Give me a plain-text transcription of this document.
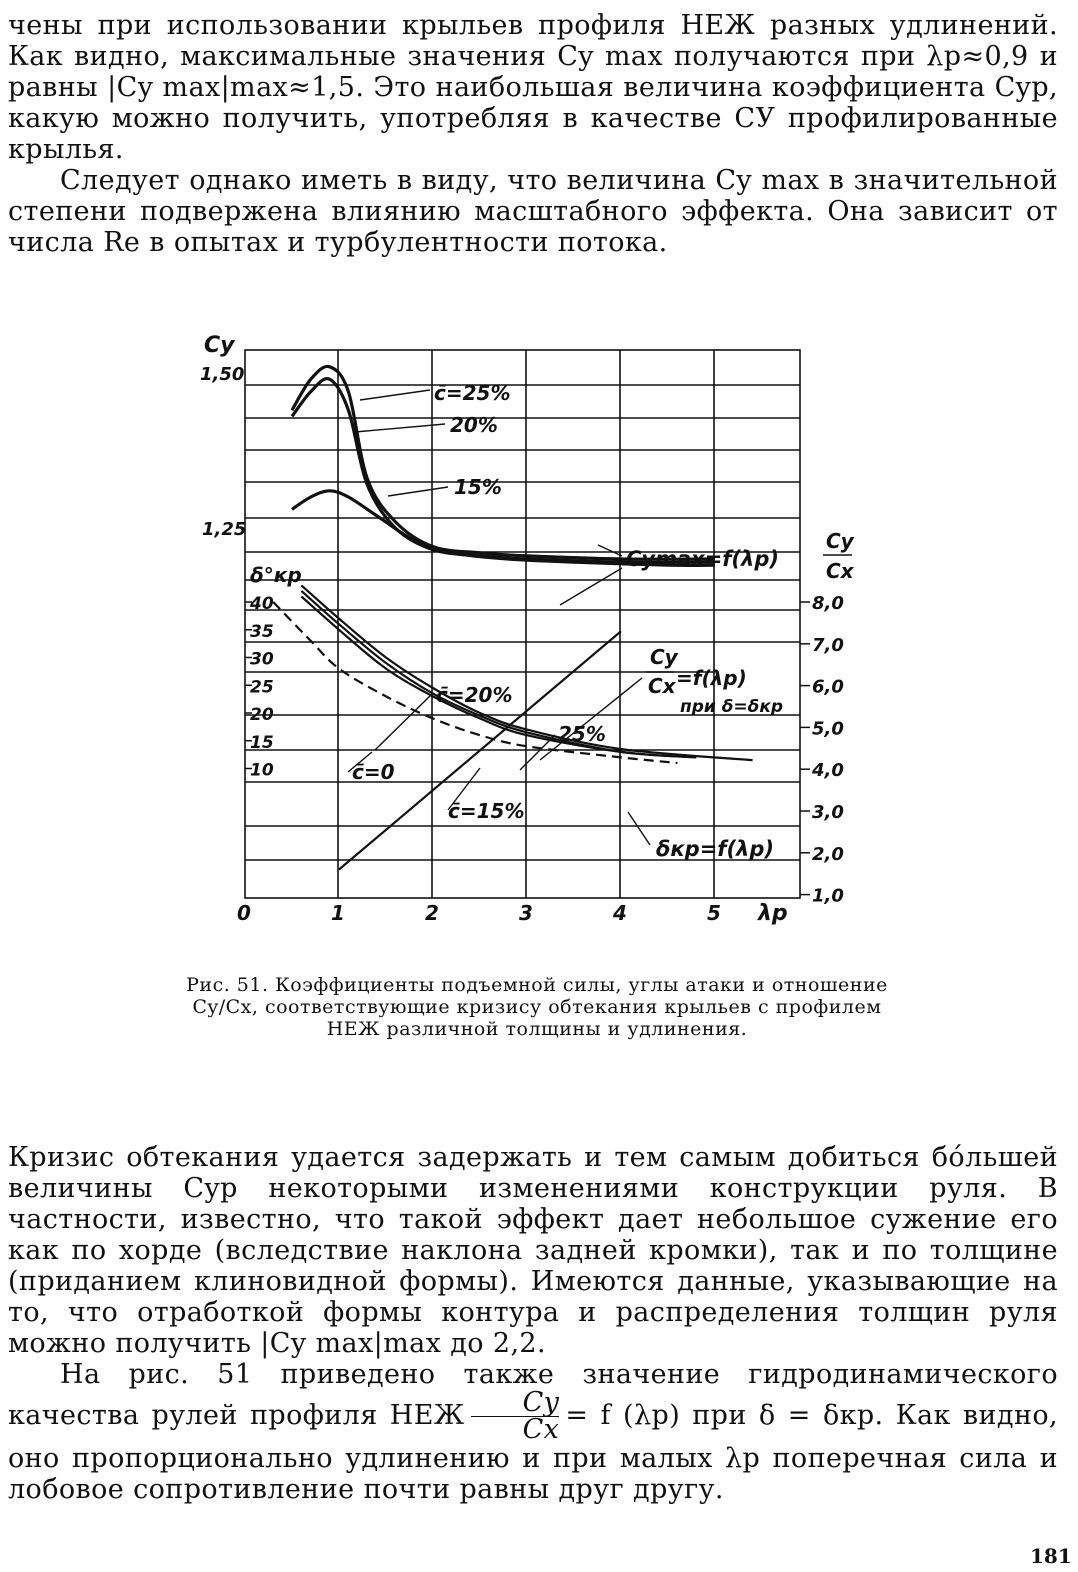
чены при использовании крыльев профиля НЕЖ разных удлинений. Как видно, максимальные значения Cy max получаются при λр≈0,9 и равны |Cy max|max≈1,5. Это наибольшая величина коэффициента Cyр, какую можно получить, употребляя в качестве СУ профилированные крылья.

Следует однако иметь в виду, что величина Cy max в значительной степени подвержена влиянию масштабного эффекта. Она зависит от числа Re в опытах и турбулентности потока.

Cy
1,50
1,25
δ°кр
40
35
30
25
20
15
10
Cy
Cx
8,0
7,0
6,0
5,0
4,0
3,0
2,0
1,0
0	1	2	3	4	5 λp
c̄=25%
20%
15%
Cymax=f(λp)
Cy
Cx =f(λp)
при δ=δкр
c̄=20%
25%
c̄=0
c̄=15%
δкр=f(λp)
Рис. 51. Коэффициенты подъемной силы, углы атаки и отношение Cy/Cx, соответствующие кризису обтекания крыльев с профилем НЕЖ различной толщины и удлинения.

Кризис обтекания удается задержать и тем самым добиться бóльшей величины Cyр некоторыми изменениями конструкции руля. В частности, известно, что такой эффект дает небольшое сужение его как по хорде (вследствие наклона задней кромки), так и по толщине (приданием клиновидной формы). Имеются данные, указывающие на то, что отработкой формы контура и распределения толщин руля можно получить |Cy max|max до 2,2.

На рис. 51 приведено также значение гидродинамического качества рулей профиля НЕЖ $\frac{Cy}{Cx} = f$ (λр) при δ = δкр. Как видно, оно пропорционально удлинению и при малых λр поперечная сила и лобовое сопротивление почти равны друг другу.

181
